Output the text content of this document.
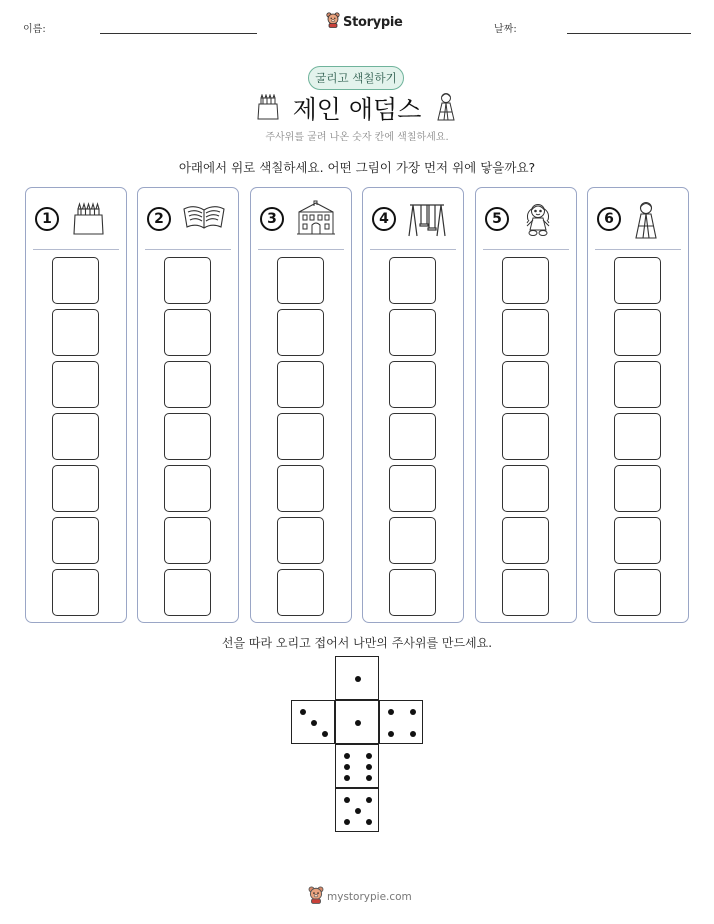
이름:	Storypie	날짜:
굴리고 색칠하기
제인 애덤스
주사위를 굴려 나온 숫자 칸에 색칠하세요.
아래에서 위로 색칠하세요. 어떤 그림이 가장 먼저 위에 닿을까요?
1	2	3	4	5	6
선을 따라 오리고 접어서 나만의 주사위를 만드세요.
mystorypie.com
